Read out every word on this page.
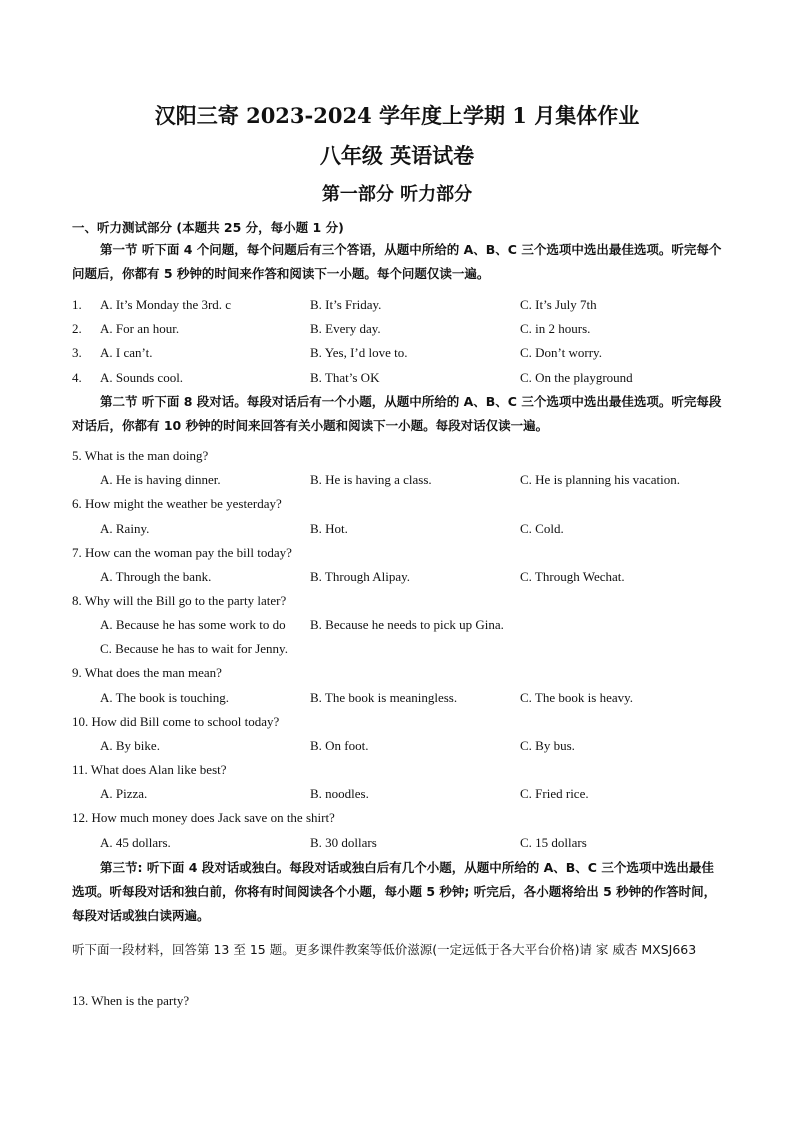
汉阳三寄 2023-2024 学年度上学期 1 月集体作业
八年级 英语试卷
第一部分 听力部分
一、听力测试部分 (本题共 25 分，每小题 1 分)
第一节 听下面 4 个问题，每个问题后有三个答语，从题中所给的 A、B、C 三个选项中选出最佳选项。听完每个问题后，你都有 5 秒钟的时间来作答和阅读下一小题。每个问题仅读一遍。
1. A. It’s Monday the 3rd. c	B. It’s Friday.	C. It’s July 7th
2. A. For an hour.	B. Every day.	C. in 2 hours.
3. A. I can’t.	B. Yes, I’d love to.	C. Don’t worry.
4. A. Sounds cool.	B. That’s OK	C. On the playground
第二节 听下面 8 段对话。每段对话后有一个小题，从题中所给的 A、B、C 三个选项中选出最佳选项。听完每段对话后，你都有 10 秒钟的时间来回答有关小题和阅读下一小题。每段对话仅读一遍。
5. What is the man doing?
A. He is having dinner.	B. He is having a class.	C. He is planning his vacation.
6. How might the weather be yesterday?
A. Rainy.	B. Hot.	C. Cold.
7. How can the woman pay the bill today?
A. Through the bank.	B. Through Alipay.	C. Through Wechat.
8. Why will the Bill go to the party later?
A. Because he has some work to do B. Because he needs to pick up Gina.
C. Because he has to wait for Jenny.
9. What does the man mean?
A. The book is touching.	B. The book is meaningless.	C. The book is heavy.
10. How did Bill come to school today?
A. By bike.	B. On foot.	C. By bus.
11. What does Alan like best?
A. Pizza.	B. noodles.	C. Fried rice.
12. How much money does Jack save on the shirt?
A. 45 dollars.	B. 30 dollars	C. 15 dollars
第三节: 听下面 4 段对话或独白。每段对话或独白后有几个小题，从题中所给的 A、B、C 三个选项中选出最佳选项。听每段对话和独白前，你将有时间阅读各个小题，每小题 5 秒钟; 听完后，各小题将给出 5 秒钟的作答时间，每段对话或独白读两遍。
听下面一段材料，回答第 13 至 15 题。更多课件教案等低价滋源(一定远低于各大平台价格)请 家 威杏 MXSJ663
13. When is the party?
